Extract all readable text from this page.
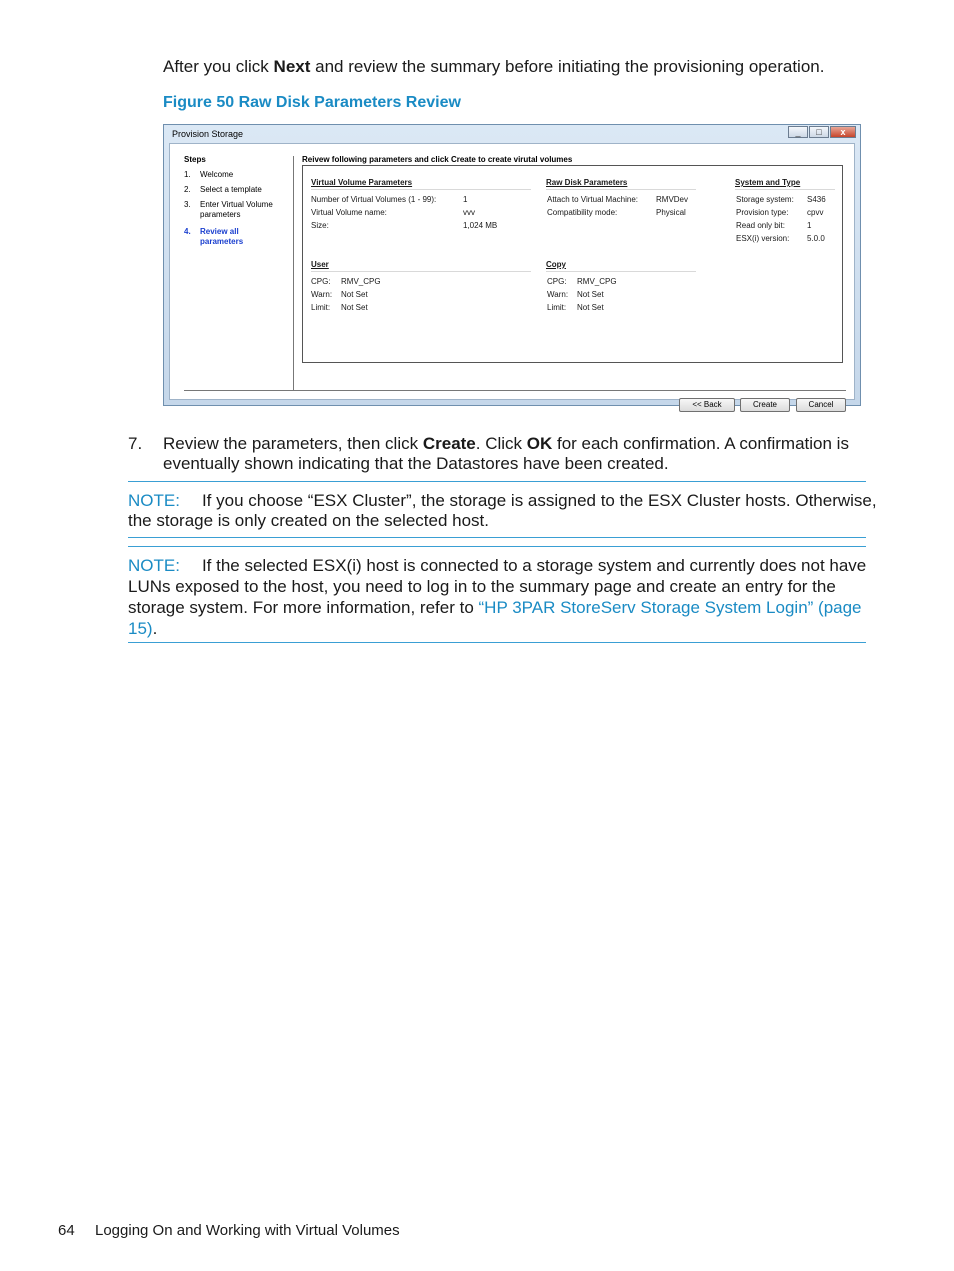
After you click Next and review the summary before initiating the provisioning operation.
Figure 50 Raw Disk Parameters Review
Provision Storage	_	□	x
Steps
1. Welcome
2. Select a template
3. Enter Virtual Volume
parameters
4. Review all
parameters
Reivew following parameters and click Create to create virutal volumes
Virtual Volume Parameters
Number of Virtual Volumes (1 - 99):	1
Virtual Volume name:	vvv
Size:	1,024 MB
Raw Disk Parameters
Attach to Virtual Machine: RMVDev
Compatibility mode:	Physical
System and Type
Storage system: S436
Provision type: cpvv
Read only bit:	1
ESX(i) version: 5.0.0
User
CPG: RMV_CPG
Warn: Not Set
Limit: Not Set
Copy
CPG: RMV_CPG
Warn: Not Set
Limit: Not Set
<< Back	Create	Cancel
7. Review the parameters, then click Create. Click OK for each confirmation. A confirmation is
eventually shown indicating that the Datastores have been created.
NOTE: If you choose “ESX Cluster”, the storage is assigned to the ESX Cluster hosts. Otherwise,
the storage is only created on the selected host.
NOTE: If the selected ESX(i) host is connected to a storage system and currently does not have
LUNs exposed to the host, you need to log in to the summary page and create an entry for the
storage system. For more information, refer to “HP 3PAR StoreServ Storage System Login” (page
15).
64 Logging On and Working with Virtual Volumes
